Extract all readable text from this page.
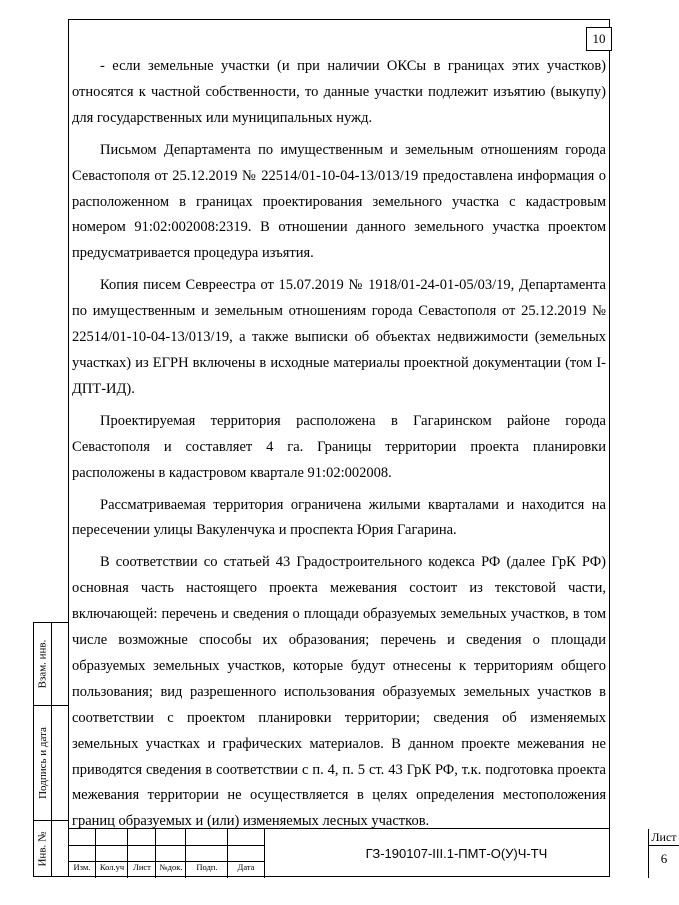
10

- если земельные участки (и при наличии ОКСы в границах этих участков) относятся к частной собственности, то данные участки подлежит изъятию (выкупу) для государственных или муниципальных нужд.

Письмом Департамента по имущественным и земельным отношениям города Севастополя от 25.12.2019 № 22514/01-10-04-13/013/19 предоставлена информация о расположенном в границах проектирования земельного участка с кадастровым номером 91:02:002008:2319. В отношении данного земельного участка проектом предусматривается процедура изъятия.

Копия писем Севреестра от 15.07.2019 № 1918/01-24-01-05/03/19, Департамента по имущественным и земельным отношениям города Севастополя от 25.12.2019 № 22514/01-10-04-13/013/19, а также выписки об объектах недвижимости (земельных участках) из ЕГРН включены в исходные материалы проектной документации (том I-ДПТ-ИД).

Проектируемая территория расположена в Гагаринском районе города Севастополя и составляет 4 га. Границы территории проекта планировки расположены в кадастровом квартале 91:02:002008.

Рассматриваемая территория ограничена жилыми кварталами и находится на пересечении улицы Вакуленчука и проспекта Юрия Гагарина.

В соответствии со статьей 43 Градостроительного кодекса РФ (далее ГрК РФ) основная часть настоящего проекта межевания состоит из текстовой части, включающей: перечень и сведения о площади образуемых земельных участков, в том числе возможные способы их образования; перечень и сведения о площади образуемых земельных участков, которые будут отнесены к территориям общего пользования; вид разрешенного использования образуемых земельных участков в соответствии с проектом планировки территории; сведения об изменяемых земельных участках и графических материалов. В данном проекте межевания не приводятся сведения в соответствии с п. 4, п. 5 ст. 43 ГрК РФ, т.к. подготовка проекта межевания территории не осуществляется в целях определения местоположения границ образуемых и (или) изменяемых лесных участков.

Взам. инв.
Подпись и дата
Инв. №
Изм.	Кол.уч	Лист	№док.	Подп.	Дата
ГЗ-190107-III.1-ПМТ-О(У)Ч-ТЧ
Лист
6
